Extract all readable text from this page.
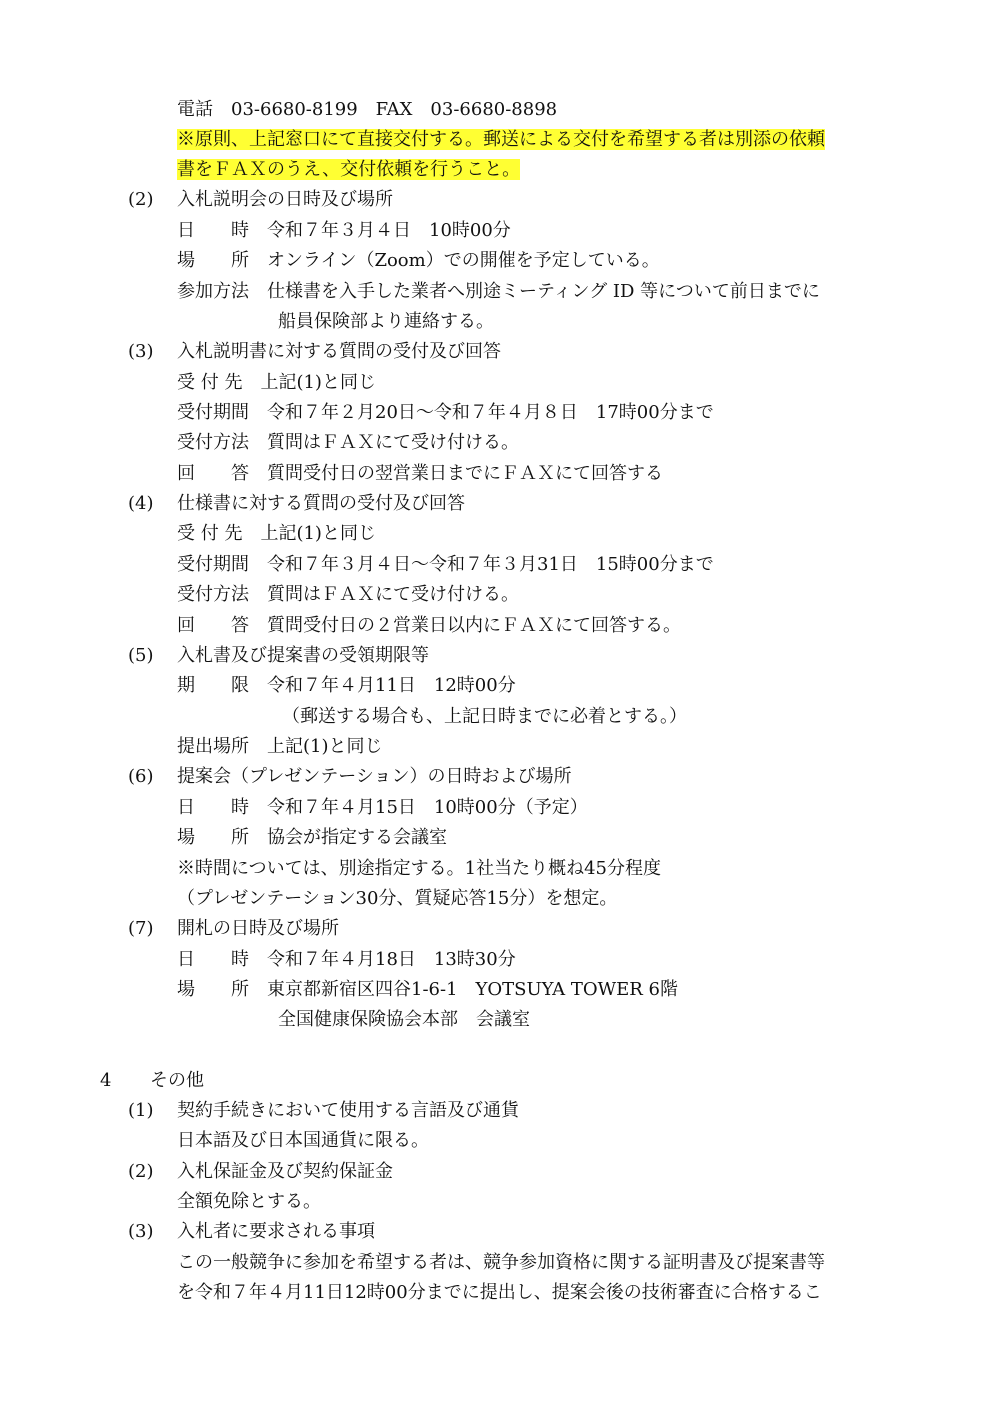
電話　03-6680-8199　FAX　03-6680-8898
※原則、上記窓口にて直接交付する。郵送による交付を希望する者は別添の依頼
書をＦＡＸのうえ、交付依頼を行うこと。
(2) 入札説明会の日時及び場所
日　　時　令和７年３月４日　10時00分
場　　所　オンライン（Zoom）での開催を予定している。
参加方法　仕様書を入手した業者へ別途ミーティング ID 等について前日までに
船員保険部より連絡する。
(3) 入札説明書に対する質問の受付及び回答
受 付 先　上記(1)と同じ
受付期間　令和７年２月20日～令和７年４月８日　17時00分まで
受付方法　質問はＦＡＸにて受け付ける。
回　　答　質問受付日の翌営業日までにＦＡＸにて回答する
(4) 仕様書に対する質問の受付及び回答
受 付 先　上記(1)と同じ
受付期間　令和７年３月４日～令和７年３月31日　15時00分まで
受付方法　質問はＦＡＸにて受け付ける。
回　　答　質問受付日の２営業日以内にＦＡＸにて回答する。
(5) 入札書及び提案書の受領期限等
期　　限　令和７年４月11日　12時00分
（郵送する場合も、上記日時までに必着とする。）
提出場所　上記(1)と同じ
(6) 提案会（プレゼンテーション）の日時および場所
日　　時　令和７年４月15日　10時00分（予定）
場　　所　協会が指定する会議室
※時間については、別途指定する。1社当たり概ね45分程度
（プレゼンテーション30分、質疑応答15分）を想定。
(7) 開札の日時及び場所
日　　時　令和７年４月18日　13時30分
場　　所　東京都新宿区四谷1-6-1　YOTSUYA TOWER 6階
全国健康保険協会本部　会議室
4 その他
(1) 契約手続きにおいて使用する言語及び通貨
日本語及び日本国通貨に限る。
(2) 入札保証金及び契約保証金
全額免除とする。
(3) 入札者に要求される事項
この一般競争に参加を希望する者は、競争参加資格に関する証明書及び提案書等
を令和７年４月11日12時00分までに提出し、提案会後の技術審査に合格するこ
